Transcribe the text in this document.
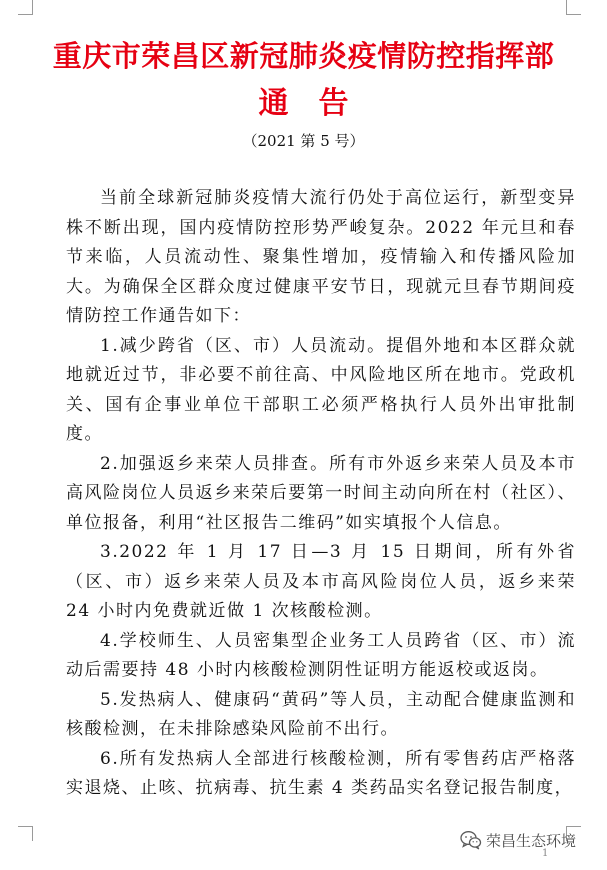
重庆市荣昌区新冠肺炎疫情防控指挥部
通告
（2021 第 5 号）

当前全球新冠肺炎疫情大流行仍处于高位运行，新型变异株不断出现，国内疫情防控形势严峻复杂。2022 年元旦和春节来临，人员流动性、聚集性增加，疫情输入和传播风险加大。为确保全区群众度过健康平安节日，现就元旦春节期间疫情防控工作通告如下：

1.减少跨省（区、市）人员流动。提倡外地和本区群众就地就近过节，非必要不前往高、中风险地区所在地市。党政机关、国有企事业单位干部职工必须严格执行人员外出审批制度。

2.加强返乡来荣人员排查。所有市外返乡来荣人员及本市高风险岗位人员返乡来荣后要第一时间主动向所在村（社区）、单位报备，利用“社区报告二维码”如实填报个人信息。

3.2022 年 1 月 17 日—3 月 15 日期间，所有外省（区、市）返乡来荣人员及本市高风险岗位人员，返乡来荣 24 小时内免费就近做 1 次核酸检测。

4.学校师生、人员密集型企业务工人员跨省（区、市）流动后需要持 48 小时内核酸检测阴性证明方能返校或返岗。

5.发热病人、健康码“黄码”等人员，主动配合健康监测和核酸检测，在未排除感染风险前不出行。

6.所有发热病人全部进行核酸检测，所有零售药店严格落实退烧、止咳、抗病毒、抗生素 4 类药品实名登记报告制度，

1
荣昌生态环境
